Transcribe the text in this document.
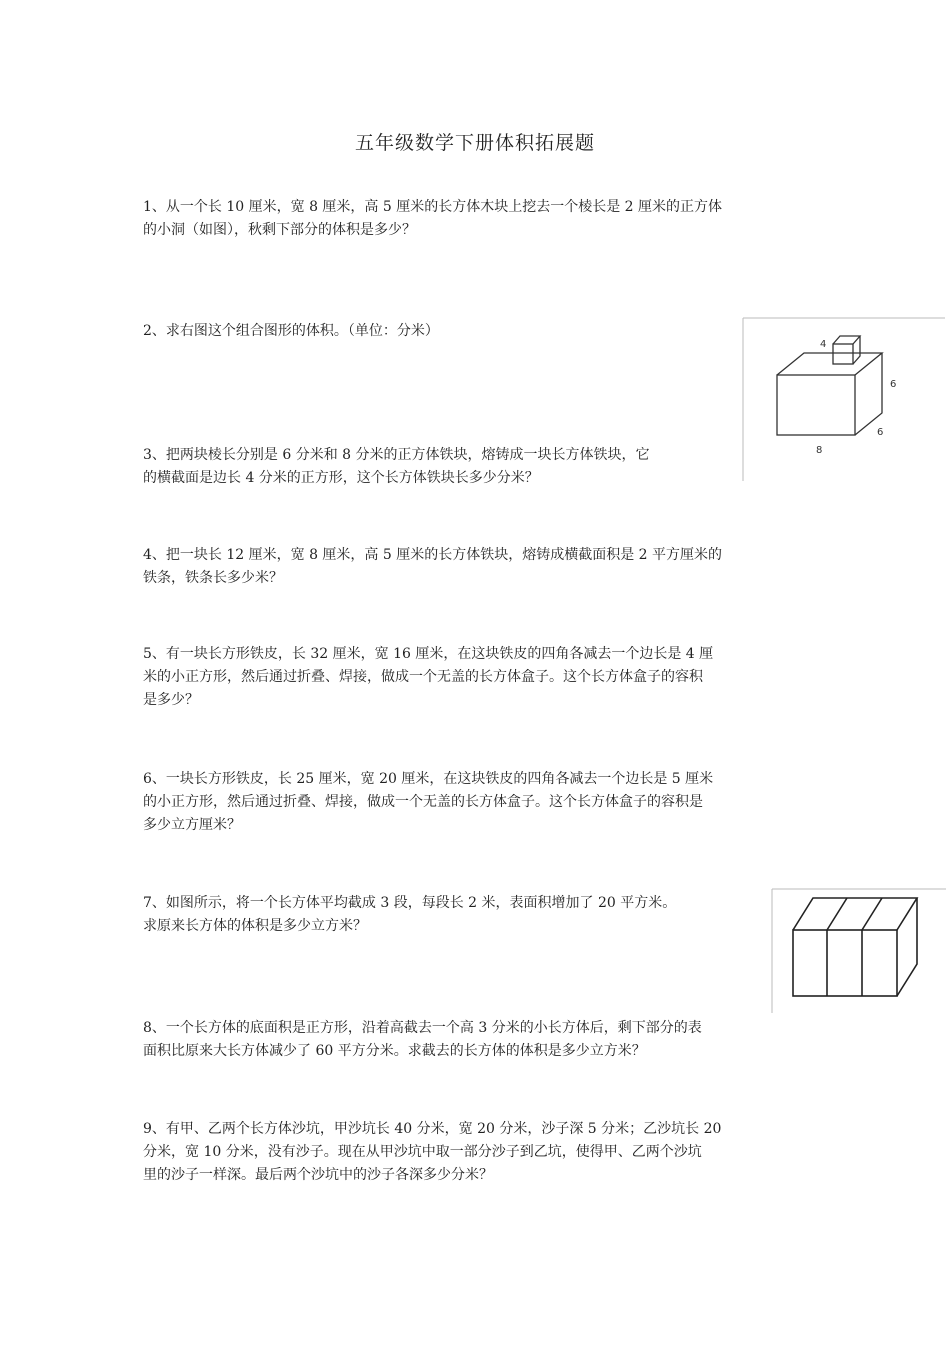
五年级数学下册体积拓展题
1、从一个长 10 厘米，宽 8 厘米，高 5 厘米的长方体木块上挖去一个棱长是 2 厘米的正方体
的小洞（如图），秋剩下部分的体积是多少？
2、求右图这个组合图形的体积。（单位：分米）
3、把两块棱长分别是 6 分米和 8 分米的正方体铁块，熔铸成一块长方体铁块，它
的横截面是边长 4 分米的正方形，这个长方体铁块长多少分米？
4、把一块长 12 厘米，宽 8 厘米，高 5 厘米的长方体铁块，熔铸成横截面积是 2 平方厘米的
铁条，铁条长多少米？
5、有一块长方形铁皮，长 32 厘米，宽 16 厘米，在这块铁皮的四角各减去一个边长是 4 厘
米的小正方形，然后通过折叠、焊接，做成一个无盖的长方体盒子。这个长方体盒子的容积
是多少？
6、一块长方形铁皮，长 25 厘米，宽 20 厘米，在这块铁皮的四角各减去一个边长是 5 厘米
的小正方形，然后通过折叠、焊接，做成一个无盖的长方体盒子。这个长方体盒子的容积是
多少立方厘米？
7、如图所示，将一个长方体平均截成 3 段，每段长 2 米，表面积增加了 20 平方米。
求原来长方体的体积是多少立方米？
8、一个长方体的底面积是正方形，沿着高截去一个高 3 分米的小长方体后，剩下部分的表
面积比原来大长方体减少了 60 平方分米。求截去的长方体的体积是多少立方米？
9、有甲、乙两个长方体沙坑，甲沙坑长 40 分米，宽 20 分米，沙子深 5 分米；乙沙坑长 20
分米，宽 10 分米，没有沙子。现在从甲沙坑中取一部分沙子到乙坑，使得甲、乙两个沙坑
里的沙子一样深。最后两个沙坑中的沙子各深多少分米？
4
6
6
8
